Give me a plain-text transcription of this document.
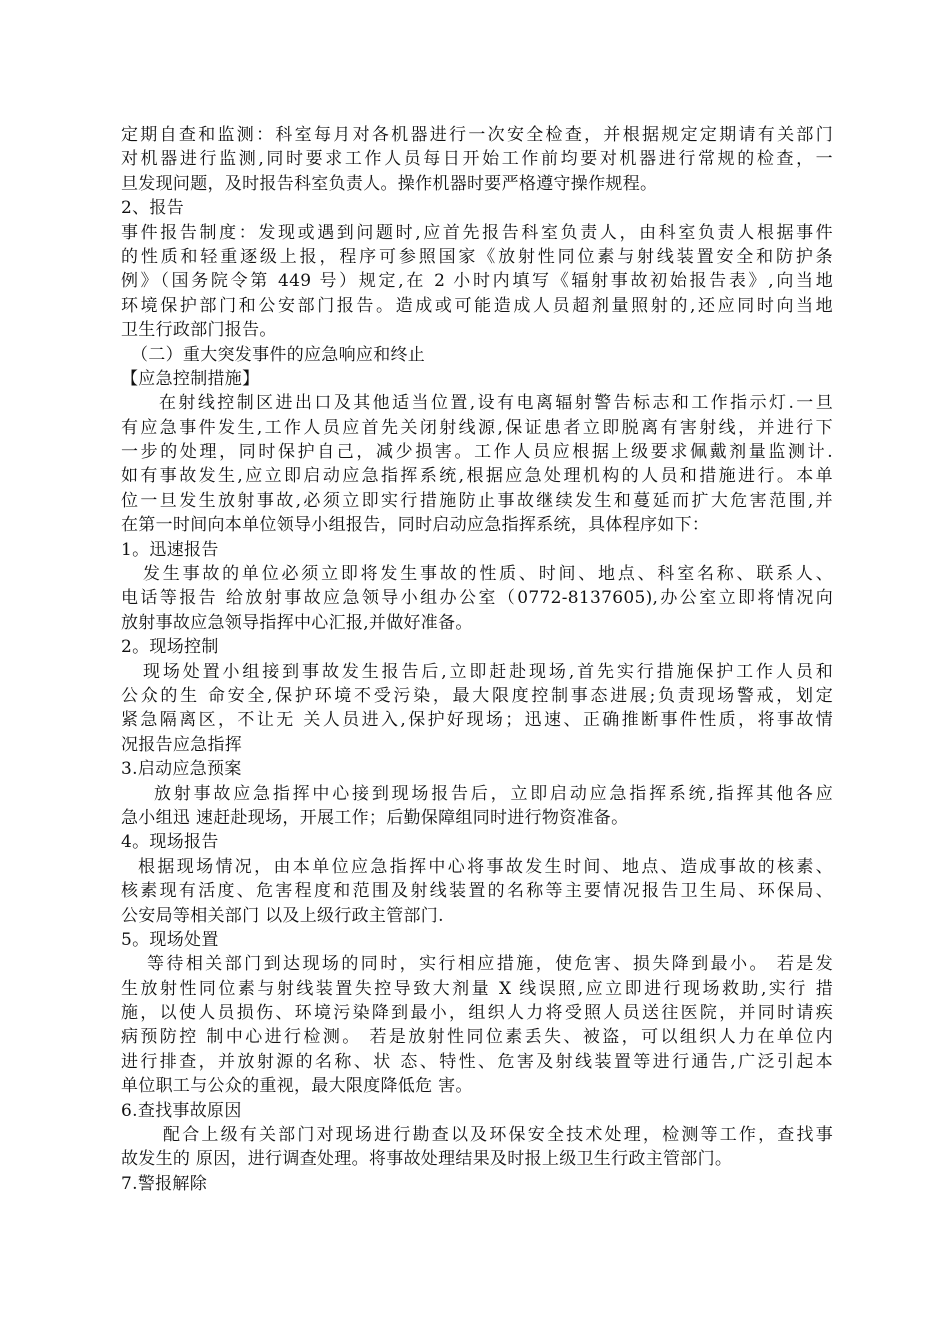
定期自查和监测：科室每月对各机器进行一次安全检查，并根据规定定期请有关部门
对机器进行监测,同时要求工作人员每日开始工作前均要对机器进行常规的检查，一
旦发现问题，及时报告科室负责人。操作机器时要严格遵守操作规程。
2、报告
事件报告制度：发现或遇到问题时,应首先报告科室负责人，由科室负责人根据事件
的性质和轻重逐级上报，程序可参照国家《放射性同位素与射线装置安全和防护条
例》（国务院令第 449 号）规定,在 2 小时内填写《辐射事故初始报告表》,向当地
环境保护部门和公安部门报告。造成或可能造成人员超剂量照射的,还应同时向当地
卫生行政部门报告。
（二）重大突发事件的应急响应和终止
【应急控制措施】
在射线控制区进出口及其他适当位置,设有电离辐射警告标志和工作指示灯.一旦
有应急事件发生,工作人员应首先关闭射线源,保证患者立即脱离有害射线，并进行下
一步的处理，同时保护自己，减少损害。工作人员应根据上级要求佩戴剂量监测计.
如有事故发生,应立即启动应急指挥系统,根据应急处理机构的人员和措施进行。本单
位一旦发生放射事故,必须立即实行措施防止事故继续发生和蔓延而扩大危害范围,并
在第一时间向本单位领导小组报告，同时启动应急指挥系统，具体程序如下：
1。迅速报告
发生事故的单位必须立即将发生事故的性质、时间、地点、科室名称、联系人、
电话等报告 给放射事故应急领导小组办公室（0772-8137605),办公室立即将情况向
放射事故应急领导指挥中心汇报,并做好准备。
2。现场控制
现场处置小组接到事故发生报告后,立即赶赴现场,首先实行措施保护工作人员和
公众的生 命安全,保护环境不受污染，最大限度控制事态进展;负责现场警戒，划定
紧急隔离区，不让无 关人员进入,保护好现场；迅速、正确推断事件性质，将事故情
况报告应急指挥
3.启动应急预案
放射事故应急指挥中心接到现场报告后，立即启动应急指挥系统,指挥其他各应
急小组迅 速赶赴现场，开展工作；后勤保障组同时进行物资准备。
4。现场报告
根据现场情况，由本单位应急指挥中心将事故发生时间、地点、造成事故的核素、
核素现有活度、危害程度和范围及射线装置的名称等主要情况报告卫生局、环保局、
公安局等相关部门 以及上级行政主管部门.
5。现场处置
等待相关部门到达现场的同时，实行相应措施，使危害、损失降到最小。 若是发
生放射性同位素与射线装置失控导致大剂量 X 线误照,应立即进行现场救助,实行 措
施，以使人员损伤、环境污染降到最小，组织人力将受照人员送往医院，并同时请疾
病预防控 制中心进行检测。 若是放射性同位素丢失、被盗，可以组织人力在单位内
进行排查，并放射源的名称、状 态、特性、危害及射线装置等进行通告,广泛引起本
单位职工与公众的重视，最大限度降低危 害。
6.查找事故原因
配合上级有关部门对现场进行勘查以及环保安全技术处理，检测等工作，查找事
故发生的 原因，进行调查处理。将事故处理结果及时报上级卫生行政主管部门。
7.警报解除
